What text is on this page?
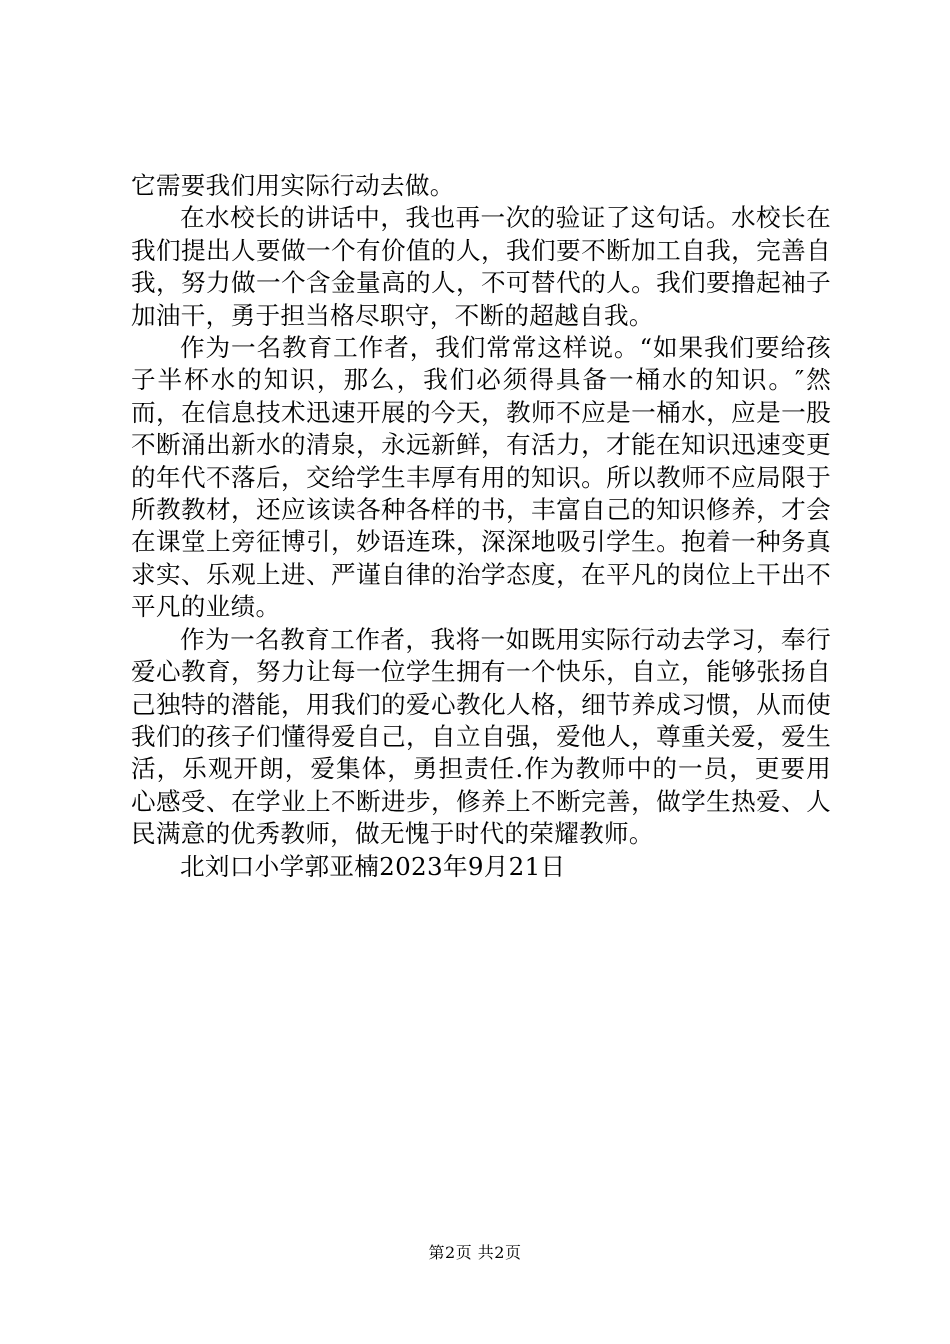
它需要我们用实际行动去做。

在水校长的讲话中，我也再一次的验证了这句话。水校长在我们提出人要做一个有价值的人，我们要不断加工自我，完善自我，努力做一个含金量高的人，不可替代的人。我们要撸起袖子加油干，勇于担当格尽职守，不断的超越自我。

作为一名教育工作者，我们常常这样说。“如果我们要给孩子半杯水的知识，那么，我们必须得具备一桶水的知识。″然而，在信息技术迅速开展的今天，教师不应是一桶水，应是一股不断涌出新水的清泉，永远新鲜，有活力，才能在知识迅速变更的年代不落后，交给学生丰厚有用的知识。所以教师不应局限于所教教材，还应该读各种各样的书，丰富自己的知识修养，才会在课堂上旁征博引，妙语连珠，深深地吸引学生。抱着一种务真求实、乐观上进、严谨自律的治学态度，在平凡的岗位上干出不平凡的业绩。

作为一名教育工作者，我将一如既用实际行动去学习，奉行爱心教育，努力让每一位学生拥有一个快乐，自立，能够张扬自己独特的潜能，用我们的爱心教化人格，细节养成习惯，从而使我们的孩子们懂得爱自己，自立自强，爱他人，尊重关爱，爱生活，乐观开朗，爱集体，勇担责任.作为教师中的一员，更要用心感受、在学业上不断进步，修养上不断完善，做学生热爱、人民满意的优秀教师，做无愧于时代的荣耀教师。

北刘口小学郭亚楠2023年9月21日

第2页 共2页
